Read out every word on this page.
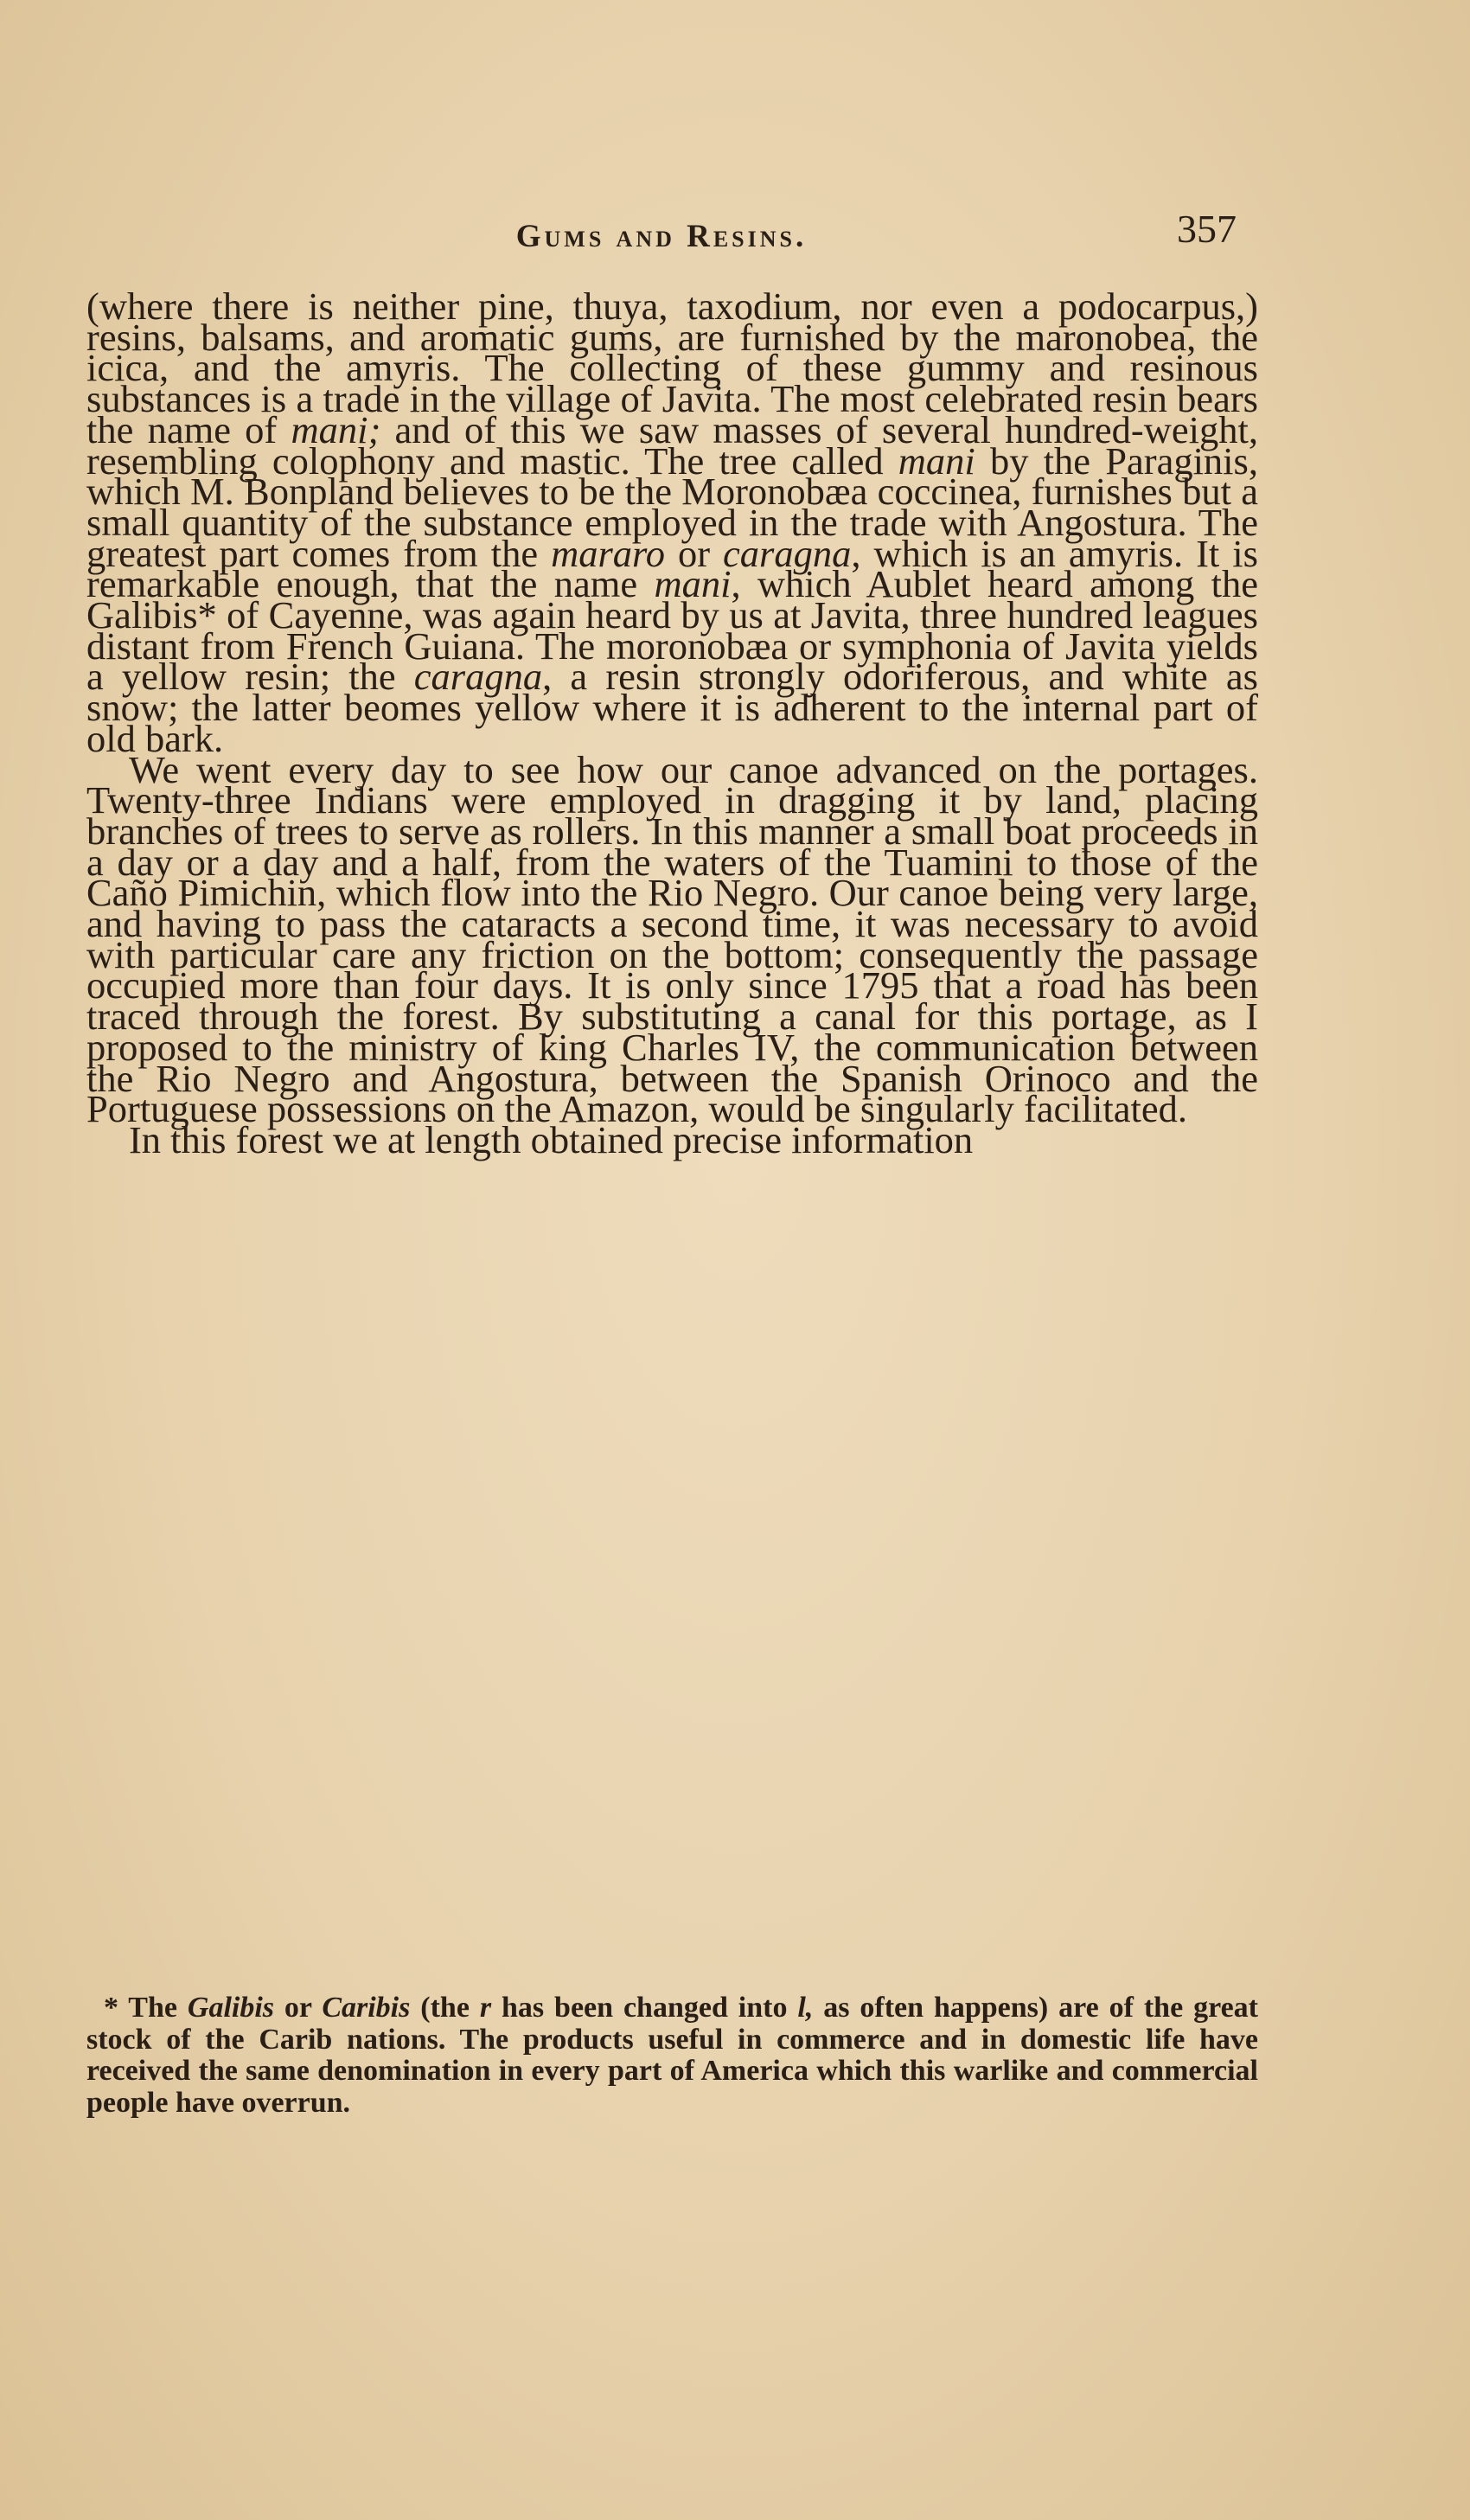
Gums and Resins.	357

(where there is neither pine, thuya, taxodium, nor even a podocarpus,) resins, balsams, and aromatic gums, are furnished by the maronobea, the icica, and the amyris. The collecting of these gummy and resinous substances is a trade in the village of Javita. The most celebrated resin bears the name of mani; and of this we saw masses of several hundred-weight, resembling colophony and mastic. The tree called mani by the Paraginis, which M. Bonpland believes to be the Moronobæa coccinea, furnishes but a small quantity of the substance employed in the trade with Angostura. The greatest part comes from the mararo or caragna, which is an amyris. It is remarkable enough, that the name mani, which Aublet heard among the Galibis* of Cayenne, was again heard by us at Javita, three hundred leagues distant from French Guiana. The moronobæa or symphonia of Javita yields a yellow resin; the caragna, a resin strongly odoriferous, and white as snow; the latter beomes yellow where it is adherent to the internal part of old bark.

We went every day to see how our canoe advanced on the portages. Twenty-three Indians were employed in dragging it by land, placing branches of trees to serve as rollers. In this manner a small boat proceeds in a day or a day and a half, from the waters of the Tuamini to those of the Caño Pimichin, which flow into the Rio Negro. Our canoe being very large, and having to pass the cataracts a second time, it was necessary to avoid with particular care any friction on the bottom; consequently the passage occupied more than four days. It is only since 1795 that a road has been traced through the forest. By substituting a canal for this portage, as I proposed to the ministry of king Charles IV, the communication between the Rio Negro and Angostura, between the Spanish Orinoco and the Portuguese possessions on the Amazon, would be singularly facilitated.

In this forest we at length obtained precise information

* The Galibis or Caribis (the r has been changed into l, as often happens) are of the great stock of the Carib nations. The products useful in commerce and in domestic life have received the same denomination in every part of America which this warlike and commercial people have overrun.
